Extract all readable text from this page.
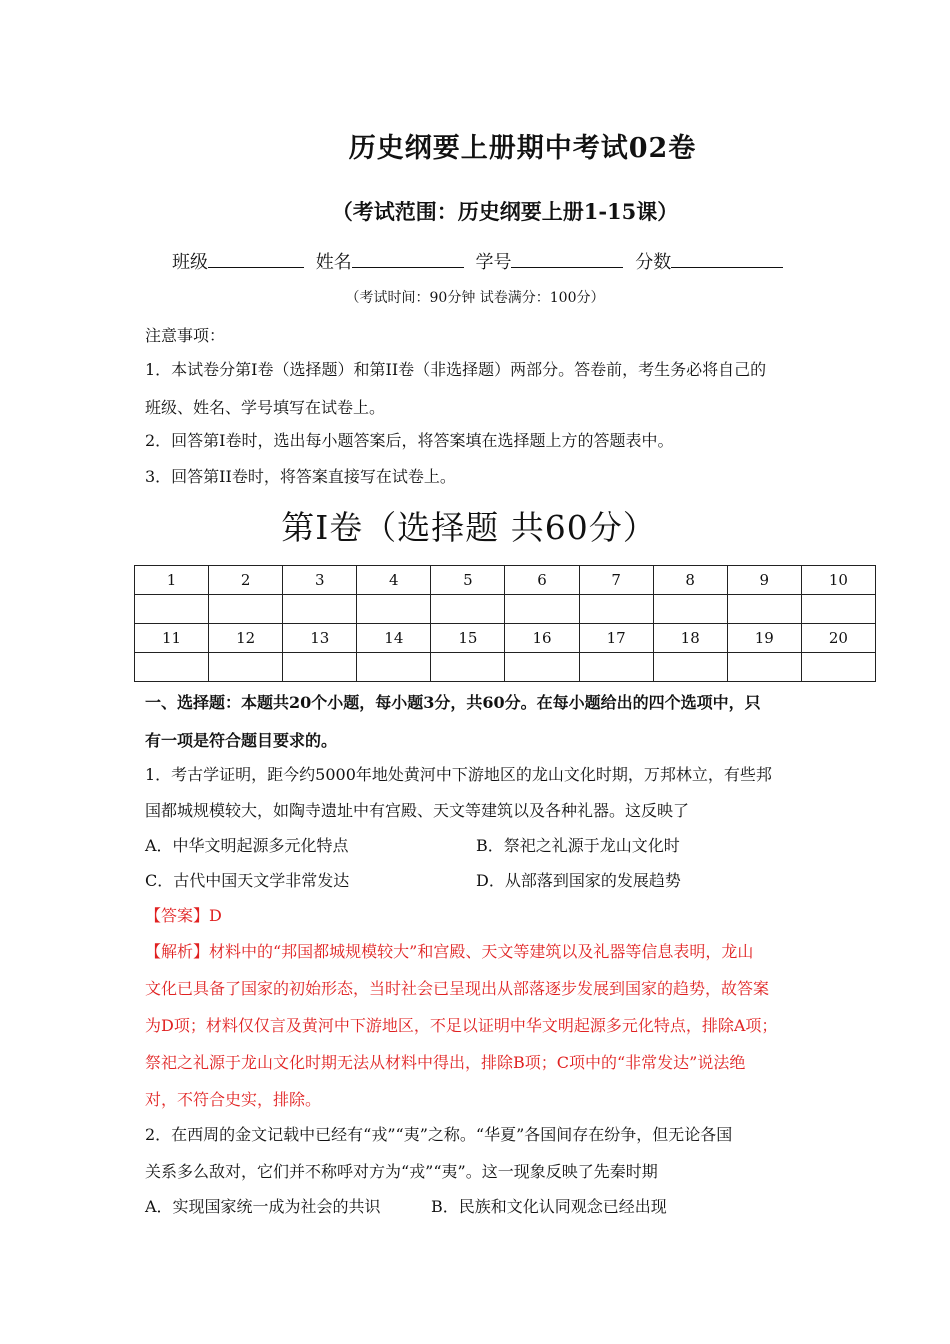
历史纲要上册期中考试02卷
（考试范围：历史纲要上册1-15课）
班级	姓名	学号	分数
（考试时间：90分钟 试卷满分：100分）
注意事项：
1．本试卷分第I卷（选择题）和第II卷（非选择题）两部分。答卷前，考生务必将自己的
班级、姓名、学号填写在试卷上。
2．回答第I卷时，选出每小题答案后，将答案填在选择题上方的答题表中。
3．回答第II卷时，将答案直接写在试卷上。
第I卷（选择题 共60分）
1	2	3	4	5	6	7	8	9	10

11	12	13	14	15	16	17	18	19	20

一、选择题：本题共20个小题，每小题3分，共60分。在每小题给出的四个选项中，只
有一项是符合题目要求的。
1．考古学证明，距今约5000年地处黄河中下游地区的龙山文化时期，万邦林立，有些邦
国都城规模较大，如陶寺遗址中有宫殿、天文等建筑以及各种礼器。这反映了
A．中华文明起源多元化特点	B．祭祀之礼源于龙山文化时
C．古代中国天文学非常发达	D．从部落到国家的发展趋势
【答案】D
【解析】材料中的“邦国都城规模较大”和宫殿、天文等建筑以及礼器等信息表明，龙山
文化已具备了国家的初始形态，当时社会已呈现出从部落逐步发展到国家的趋势，故答案
为D项；材料仅仅言及黄河中下游地区，不足以证明中华文明起源多元化特点，排除A项；
祭祀之礼源于龙山文化时期无法从材料中得出，排除B项；C项中的“非常发达”说法绝
对，不符合史实，排除。
2．在西周的金文记载中已经有“戎”“夷”之称。“华夏”各国间存在纷争，但无论各国
关系多么敌对，它们并不称呼对方为“戎”“夷”。这一现象反映了先秦时期
A．实现国家统一成为社会的共识	B．民族和文化认同观念已经出现
